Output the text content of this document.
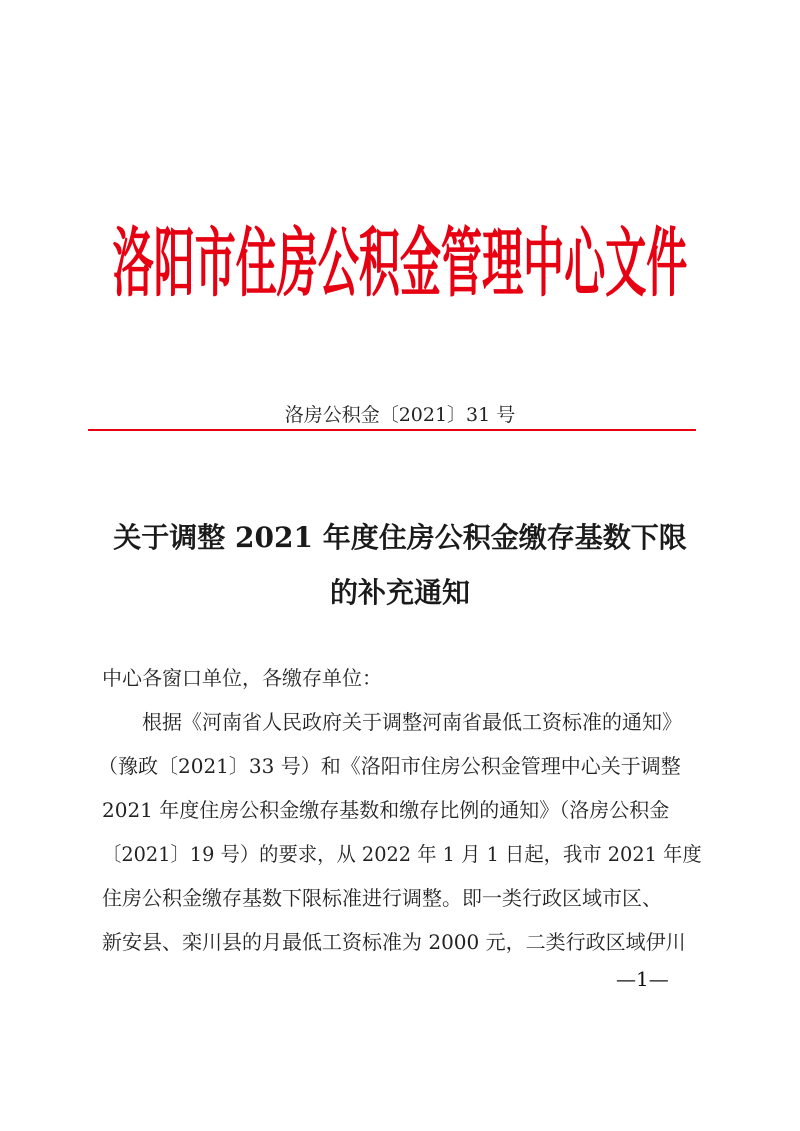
洛阳市住房公积金管理中心文件
洛房公积金〔2021〕31 号
关于调整 2021 年度住房公积金缴存基数下限
的补充通知
中心各窗口单位，各缴存单位：
根据《河南省人民政府关于调整河南省最低工资标准的通知》
（豫政〔2021〕33 号）和《洛阳市住房公积金管理中心关于调整
2021 年度住房公积金缴存基数和缴存比例的通知》（洛房公积金
〔2021〕19 号）的要求，从 2022 年 1 月 1 日起，我市 2021 年度
住房公积金缴存基数下限标准进行调整。即一类行政区域市区、
新安县、栾川县的月最低工资标准为 2000 元，二类行政区域伊川
—1—
